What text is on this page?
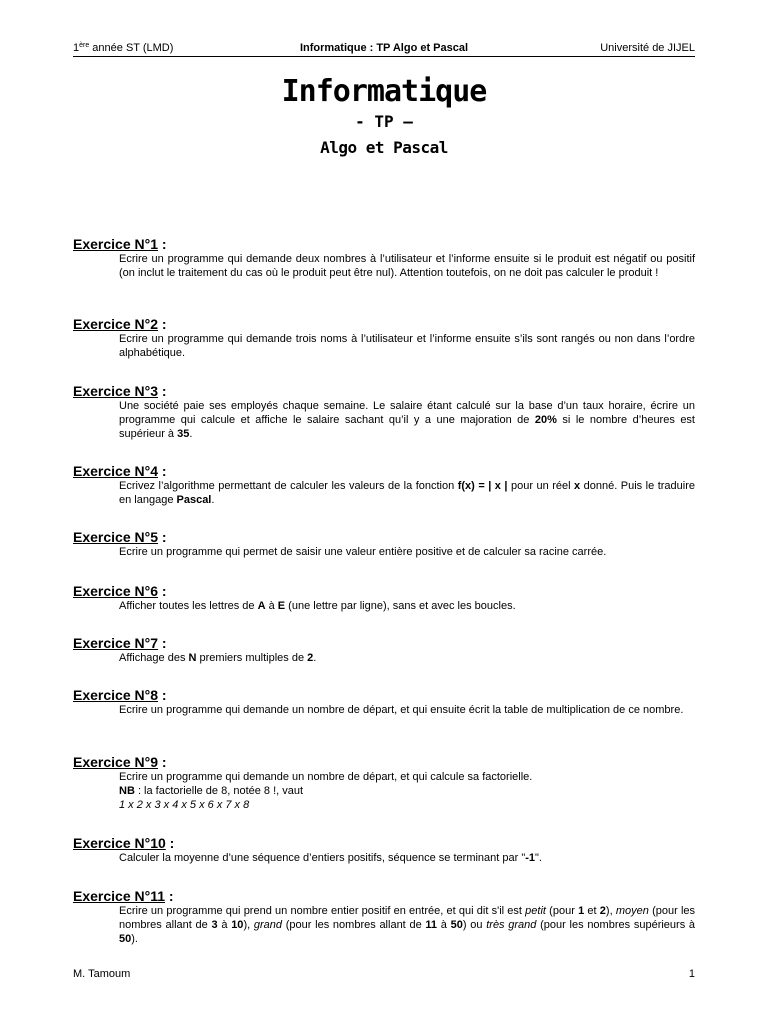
1ère année ST (LMD)	Informatique : TP Algo et Pascal	Université de JIJEL
Informatique
- TP –
Algo et Pascal
Exercice N°1 :
Ecrire un programme qui demande deux nombres à l’utilisateur et l’informe ensuite si le produit est négatif ou positif (on inclut le traitement du cas où le produit peut être nul). Attention toutefois, on ne doit pas calculer le produit !
Exercice N°2 :
Ecrire un programme qui demande trois noms à l’utilisateur et l’informe ensuite s’ils sont rangés ou non dans l’ordre alphabétique.
Exercice N°3 :
Une société paie ses employés chaque semaine. Le salaire étant calculé sur la base d’un taux horaire, écrire un programme qui calcule et affiche le salaire sachant qu’il y a une majoration de 20% si le nombre d’heures est supérieur à 35.
Exercice N°4 :
Ecrivez l’algorithme permettant de calculer les valeurs de la fonction f(x) = | x | pour un réel x donné. Puis le traduire en langage Pascal.
Exercice N°5 :
Ecrire un programme qui permet de saisir une valeur entière positive et de calculer sa racine carrée.
Exercice N°6 :
Afficher toutes les lettres de A à E (une lettre par ligne), sans et avec les boucles.
Exercice N°7 :
Affichage des N premiers multiples de 2.
Exercice N°8 :
Ecrire un programme qui demande un nombre de départ, et qui ensuite écrit la table de multiplication de ce nombre.
Exercice N°9 :
Ecrire un programme qui demande un nombre de départ, et qui calcule sa factorielle.
NB : la factorielle de 8, notée 8 !, vaut
1 x 2 x 3 x 4 x 5 x 6 x 7 x 8
Exercice N°10 :
Calculer la moyenne d’une séquence d’entiers positifs, séquence se terminant par "-1".
Exercice N°11 :
Ecrire un programme qui prend un nombre entier positif en entrée, et qui dit s'il est petit (pour 1 et 2), moyen (pour les nombres allant de 3 à 10), grand (pour les nombres allant de 11 à 50) ou très grand (pour les nombres supérieurs à 50).
M. Tamoum	1
